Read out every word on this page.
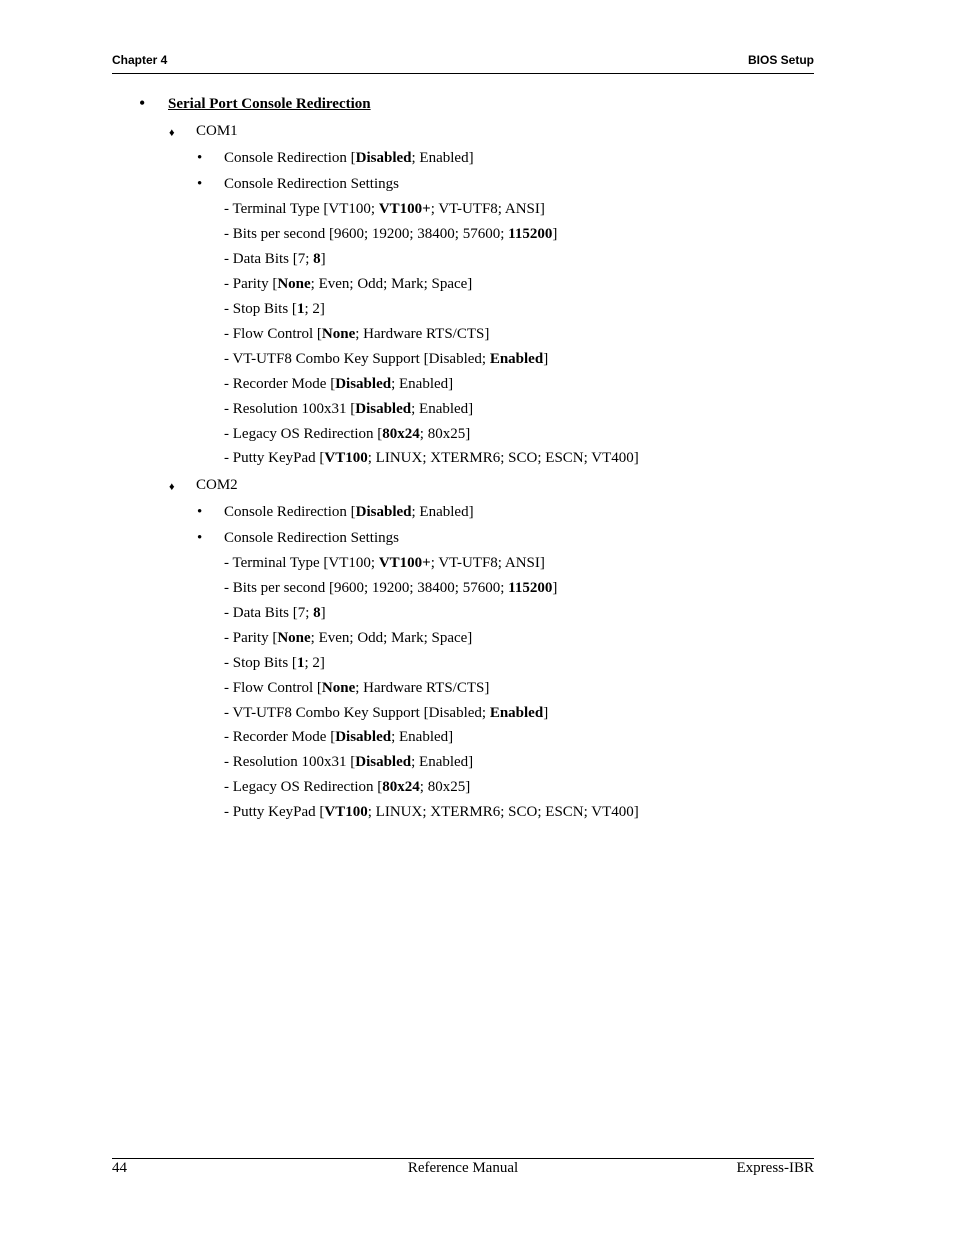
Chapter 4	BIOS Setup
• Serial Port Console Redirection
♦ COM1
• Console Redirection [Disabled; Enabled]
• Console Redirection Settings
- Terminal Type [VT100; VT100+; VT-UTF8; ANSI]
- Bits per second [9600; 19200; 38400; 57600; 115200]
- Data Bits [7; 8]
- Parity [None; Even; Odd; Mark; Space]
- Stop Bits [1; 2]
- Flow Control [None; Hardware RTS/CTS]
- VT-UTF8 Combo Key Support [Disabled; Enabled]
- Recorder Mode [Disabled; Enabled]
- Resolution 100x31 [Disabled; Enabled]
- Legacy OS Redirection [80x24; 80x25]
- Putty KeyPad [VT100; LINUX; XTERMR6; SCO; ESCN; VT400]
♦ COM2
• Console Redirection [Disabled; Enabled]
• Console Redirection Settings
- Terminal Type [VT100; VT100+; VT-UTF8; ANSI]
- Bits per second [9600; 19200; 38400; 57600; 115200]
- Data Bits [7; 8]
- Parity [None; Even; Odd; Mark; Space]
- Stop Bits [1; 2]
- Flow Control [None; Hardware RTS/CTS]
- VT-UTF8 Combo Key Support [Disabled; Enabled]
- Recorder Mode [Disabled; Enabled]
- Resolution 100x31 [Disabled; Enabled]
- Legacy OS Redirection [80x24; 80x25]
- Putty KeyPad [VT100; LINUX; XTERMR6; SCO; ESCN; VT400]
44	Reference Manual	Express-IBR
